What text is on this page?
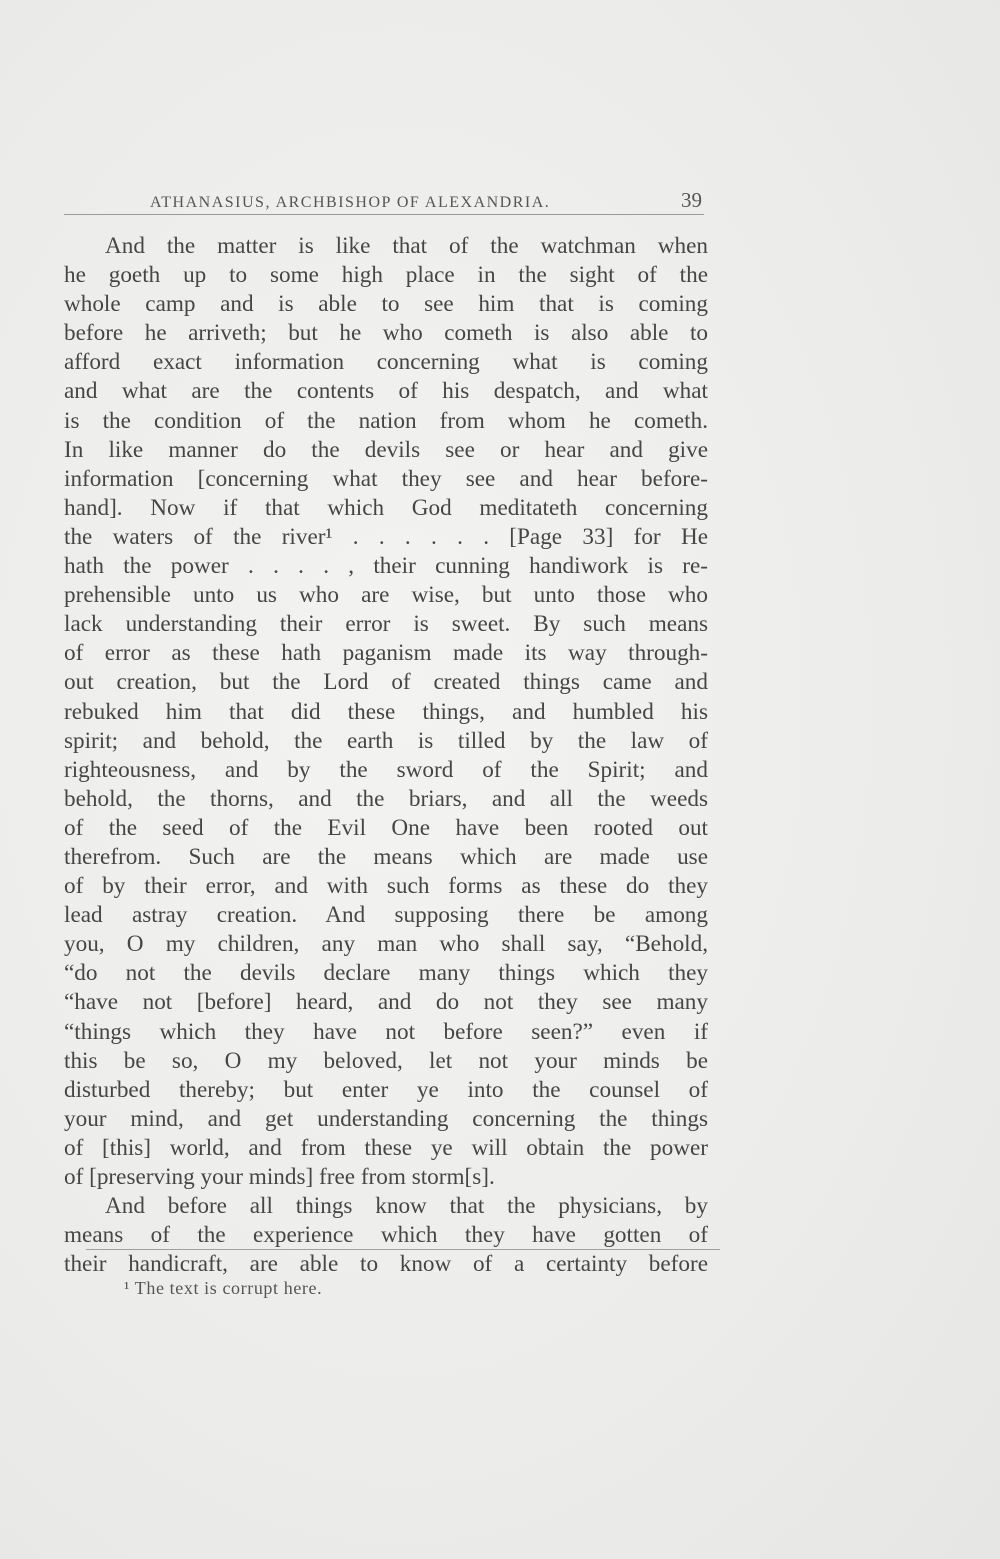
ATHANASIUS, ARCHBISHOP OF ALEXANDRIA.	39
And the matter is like that of the watchman when
he goeth up to some high place in the sight of the
whole camp and is able to see him that is coming
before he arriveth; but he who cometh is also able to
afford exact information concerning what is coming
and what are the contents of his despatch, and what
is the condition of the nation from whom he cometh.
In like manner do the devils see or hear and give
information [concerning what they see and hear before-
hand]. Now if that which God meditateth concerning
the waters of the river¹ . . . . . . [Page 33] for He
hath the power . . . . , their cunning handiwork is re-
prehensible unto us who are wise, but unto those who
lack understanding their error is sweet. By such means
of error as these hath paganism made its way through-
out creation, but the Lord of created things came and
rebuked him that did these things, and humbled his
spirit; and behold, the earth is tilled by the law of
righteousness, and by the sword of the Spirit; and
behold, the thorns, and the briars, and all the weeds
of the seed of the Evil One have been rooted out
therefrom. Such are the means which are made use
of by their error, and with such forms as these do they
lead astray creation. And supposing there be among
you, O my children, any man who shall say, “Behold,
“do not the devils declare many things which they
“have not [before] heard, and do not they see many
“things which they have not before seen?” even if
this be so, O my beloved, let not your minds be
disturbed thereby; but enter ye into the counsel of
your mind, and get understanding concerning the things
of [this] world, and from these ye will obtain the power
of [preserving your minds] free from storm[s].
And before all things know that the physicians, by
means of the experience which they have gotten of
their handicraft, are able to know of a certainty before
¹ The text is corrupt here.
